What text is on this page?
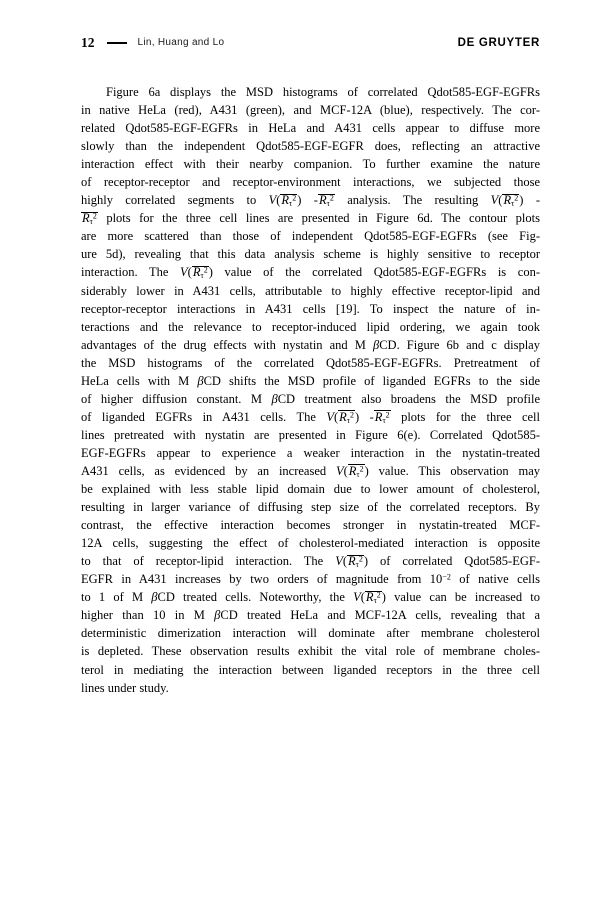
12	Lin, Huang and Lo	DE GRUYTER
Figure 6a displays the MSD histograms of correlated Qdot585-EGF-EGFRs
in native HeLa (red), A431 (green), and MCF-12A (blue), respectively. The cor-
related Qdot585-EGF-EGFRs in HeLa and A431 cells appear to diffuse more
slowly than the independent Qdot585-EGF-EGFR does, reflecting an attractive
interaction effect with their nearby companion. To further examine the nature
of receptor-receptor and receptor-environment interactions, we subjected those
highly correlated segments to $V(R_\tau^2)$ $-R_\tau^2$ analysis. The resulting $V(R_\tau^2)$ -
$R_\tau^2$ plots for the three cell lines are presented in Figure 6d. The contour plots
are more scattered than those of independent Qdot585-EGF-EGFRs (see Fig-
ure 5d), revealing that this data analysis scheme is highly sensitive to receptor
interaction. The $V(R_\tau^2)$ value of the correlated Qdot585-EGF-EGFRs is con-
siderably lower in A431 cells, attributable to highly effective receptor-lipid and
receptor-receptor interactions in A431 cells [19]. To inspect the nature of in-
teractions and the relevance to receptor-induced lipid ordering, we again took
advantages of the drug effects with nystatin and M βCD. Figure 6b and c display
the MSD histograms of the correlated Qdot585-EGF-EGFRs. Pretreatment of
HeLa cells with M βCD shifts the MSD profile of liganded EGFRs to the side
of higher diffusion constant. M βCD treatment also broadens the MSD profile
of liganded EGFRs in A431 cells. The $V(R_\tau^2)$ $-R_\tau^2$ plots for the three cell
lines pretreated with nystatin are presented in Figure 6(e). Correlated Qdot585-
EGF-EGFRs appear to experience a weaker interaction in the nystatin-treated
A431 cells, as evidenced by an increased $V(R_\tau^2)$ value. This observation may
be explained with less stable lipid domain due to lower amount of cholesterol,
resulting in larger variance of diffusing step size of the correlated receptors. By
contrast, the effective interaction becomes stronger in nystatin-treated MCF-
12A cells, suggesting the effect of cholesterol-mediated interaction is opposite
to that of receptor-lipid interaction. The $V(R_\tau^2)$ of correlated Qdot585-EGF-
EGFR in A431 increases by two orders of magnitude from $10^{-2}$ of native cells
to 1 of M βCD treated cells. Noteworthy, the $V(R_\tau^2)$ value can be increased to
higher than 10 in M βCD treated HeLa and MCF-12A cells, revealing that a
deterministic dimerization interaction will dominate after membrane cholesterol
is depleted. These observation results exhibit the vital role of membrane choles-
terol in mediating the interaction between liganded receptors in the three cell
lines under study.
